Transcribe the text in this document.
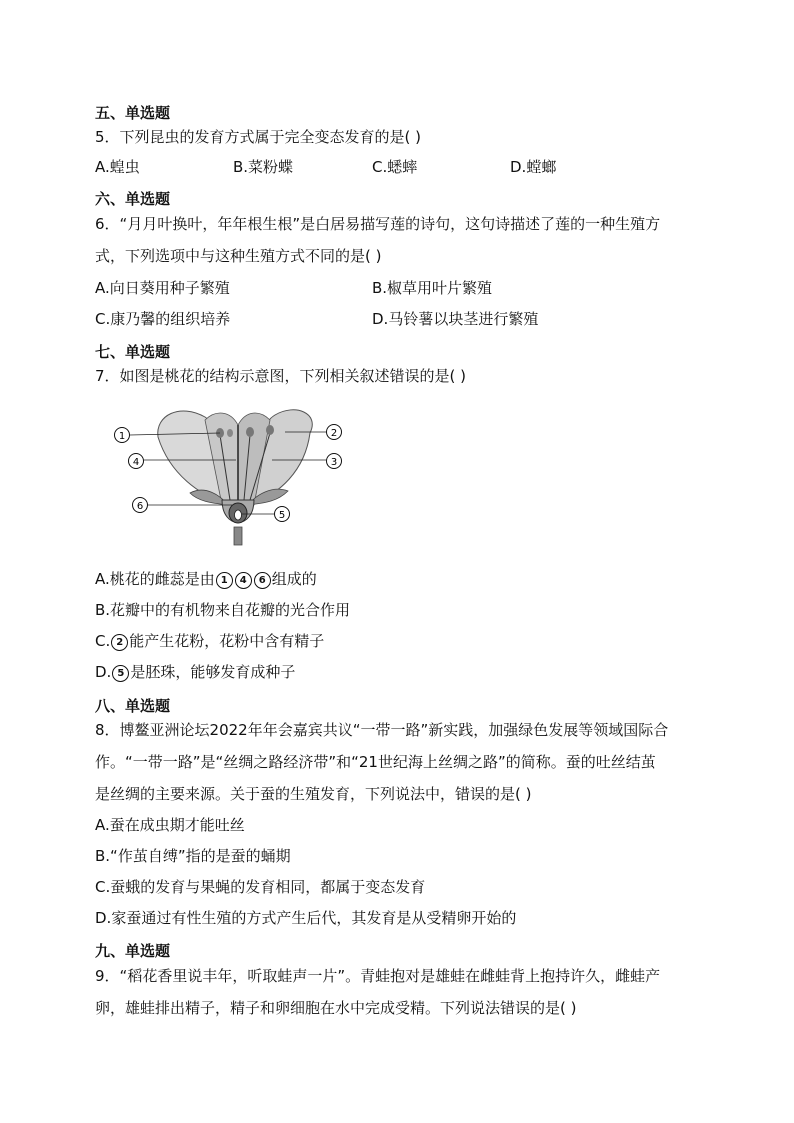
五、单选题
5．下列昆虫的发育方式属于完全变态发育的是( )
A.蝗虫	B.菜粉蝶	C.蟋蟀	D.螳螂
六、单选题
6．“月月叶换叶，年年根生根”是白居易描写莲的诗句，这句诗描述了莲的一种生殖方
式，下列选项中与这种生殖方式不同的是( )
A.向日葵用种子繁殖	B.椒草用叶片繁殖
C.康乃馨的组织培养	D.马铃薯以块茎进行繁殖
七、单选题
7．如图是桃花的结构示意图，下列相关叙述错误的是( )
1	2
3
4
5
6
A.桃花的雌蕊是由 1 4 6 组成的
B.花瓣中的有机物来自花瓣的光合作用
C. 2 能产生花粉，花粉中含有精子
D. 5 是胚珠，能够发育成种子
八、单选题
8．博鳌亚洲论坛2022年年会嘉宾共议“一带一路”新实践，加强绿色发展等领域国际合
作。“一带一路”是“丝绸之路经济带”和“21世纪海上丝绸之路”的简称。蚕的吐丝结茧
是丝绸的主要来源。关于蚕的生殖发育，下列说法中，错误的是( )
A.蚕在成虫期才能吐丝
B.“作茧自缚”指的是蚕的蛹期
C.蚕蛾的发育与果蝇的发育相同，都属于变态发育
D.家蚕通过有性生殖的方式产生后代，其发育是从受精卵开始的
九、单选题
9．“稻花香里说丰年，听取蛙声一片”。青蛙抱对是雄蛙在雌蛙背上抱持许久，雌蛙产
卵，雄蛙排出精子，精子和卵细胞在水中完成受精。下列说法错误的是( )
